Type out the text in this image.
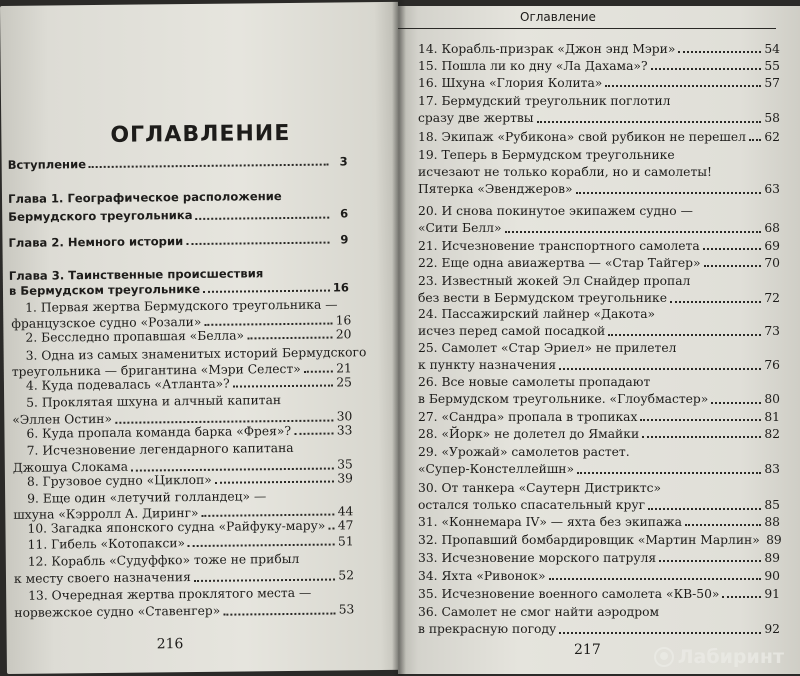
ОГЛАВЛЕНИЕ
Вступление	3
Глава 1. Географическое расположение
Бермудского треугольника	6
Глава 2. Немного истории	9
Глава 3. Таинственные происшествия
в Бермудском треугольнике	16
1. Первая жертва Бермудского треугольника —
французское судно «Розали»	16
2. Бесследно пропавшая «Белла»	20
3. Одна из самых знаменитых историй Бермудского
треугольника — бригантина «Мэри Селест»	21
4. Куда подевалась «Атланта»?	25
5. Проклятая шхуна и алчный капитан
«Эллен Остин»	30
6. Куда пропала команда барка «Фрея»?	33
7. Исчезновение легендарного капитана
Джошуа Слокама	35
8. Грузовое судно «Циклоп»	39
9. Еще один «летучий голландец» —
шхуна «Кэрролл А. Диринг»	44
10. Загадка японского судна «Райфуку-мару» 47
11. Гибель «Котопакси»	51
12. Корабль «Судуффко» тоже не прибыл
к месту своего назначения	52
13. Очередная жертва проклятого места —
норвежское судно «Ставенгер»	53
216
14. Корабль-призрак «Джон энд Мэри»	54
15. Пошла ли ко дну «Ла Дахама»?	55
16. Шхуна «Глория Колита»	57
17. Бермудский треугольник поглотил
сразу две жертвы	58
18. Экипаж «Рубикона» свой рубикон не перешел 62
19. Теперь в Бермудском треугольнике
исчезают не только корабли, но и самолеты!
Пятерка «Эвенджеров»	63
20. И снова покинутое экипажем судно —
«Сити Белл»	68
21. Исчезновение транспортного самолета	69
22. Еще одна авиажертва — «Стар Тайгер»	70
23. Известный жокей Эл Снайдер пропал
без вести в Бермудском треугольнике	72
24. Пассажирский лайнер «Дакота»
исчез перед самой посадкой	73
25. Самолет «Стар Эриел» не прилетел
к пункту назначения	76
26. Все новые самолеты пропадают
в Бермудском треугольнике. «Глоубмастер»	80
27. «Сандра» пропала в тропиках	81
28. «Йорк» не долетел до Ямайки	82
29. «Урожай» самолетов растет.
«Супер-Констеллейшн»	83
30. От танкера «Саутерн Дистриктс»
остался только спасательный круг	85
31. «Коннемара IV» — яхта без экипажа	88
32. Пропавший бомбардировщик «Мартин Марлин» 89
33. Исчезновение морского патруля	89
34. Яхта «Ривонок»	90
35. Исчезновение военного самолета «КВ-50»	91
36. Самолет не смог найти аэродром
в прекрасную погоду	92
217
Оглавление
Лабиринт
